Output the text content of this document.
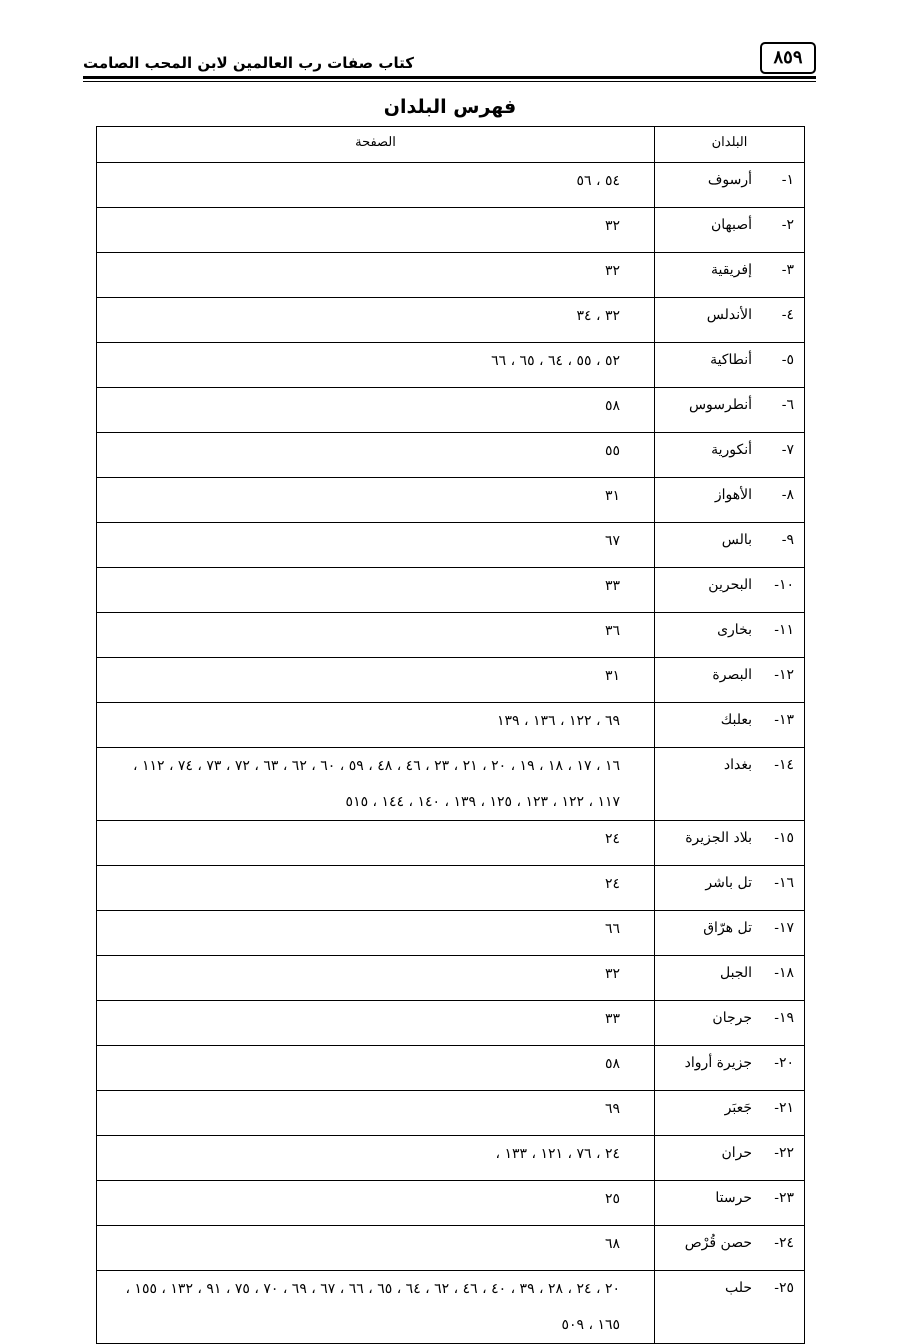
كتاب صفات رب العالمين لابن المحب الصامت	٨٥٩
فهرس البلدان
البلدان	الصفحة

١-أرسوف	٥٤ ، ٥٦

٢-أصبهان	٣٢

٣-إفريقية	٣٢

٤-الأندلس	٣٢ ، ٣٤

٥-أنطاكية	٥٢ ، ٥٥ ، ٦٤ ، ٦٥ ، ٦٦

٦-أنطرسوس	٥٨

٧-أنكورية	٥٥

٨-الأهواز	٣١

٩-بالس	٦٧

١٠-البحرين	٣٣

١١-بخارى	٣٦

١٢-البصرة	٣١

١٣-بعلبك	٦٩ ، ١٢٢ ، ١٣٦ ، ١٣٩

١٤-بغداد	١٦ ، ١٧ ، ١٨ ، ١٩ ، ٢٠ ، ٢١ ، ٢٣ ، ٤٦ ، ٤٨ ، ٥٩ ، ٦٠ ، ٦٢ ، ٦٣ ، ٧٢ ، ٧٣ ، ٧٤ ، ١١٢ ، ١١٧ ، ١٢٢ ، ١٢٣ ، ١٢٥ ، ١٣٩ ، ١٤٠ ، ١٤٤ ، ٥١٥

١٥-بلاد الجزيرة	٢٤

١٦-تل باشر	٢٤

١٧-تل هرّاق	٦٦

١٨-الجبل	٣٢

١٩-جرجان	٣٣

٢٠-جزيرة أرواد	٥٨

٢١-جَعبَر	٦٩

٢٢-حران	٢٤ ، ٧٦ ، ١٢١ ، ١٣٣ ،

٢٣-حرستا	٢٥

٢٤-حصن قُرْص	٦٨

٢٥-حلب	٢٠ ، ٢٤ ، ٢٨ ، ٣٩ ، ٤٠ ، ٤٦ ، ٦٢ ، ٦٤ ، ٦٥ ، ٦٦ ، ٦٧ ، ٦٩ ، ٧٠ ، ٧٥ ، ٩١ ، ١٣٢ ، ١٥٥ ، ١٦٥ ، ٥٠٩
